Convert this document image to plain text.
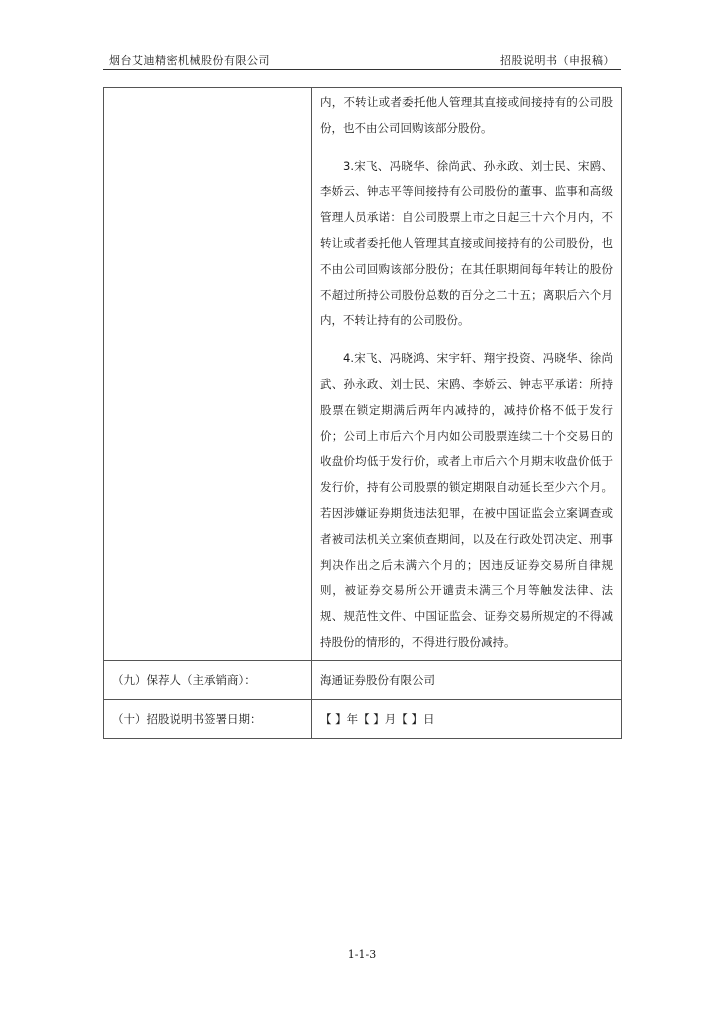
烟台艾迪精密机械股份有限公司	招股说明书（申报稿）

	内，不转让或者委托他人管理其直接或间接持有的公司股份，也不由公司回购该部分股份。

3.宋飞、冯晓华、徐尚武、孙永政、刘士民、宋鸥、李娇云、钟志平等间接持有公司股份的董事、监事和高级管理人员承诺：自公司股票上市之日起三十六个月内，不转让或者委托他人管理其直接或间接持有的公司股份，也不由公司回购该部分股份；在其任职期间每年转让的股份不超过所持公司股份总数的百分之二十五；离职后六个月内，不转让持有的公司股份。

4.宋飞、冯晓鸿、宋宇轩、翔宇投资、冯晓华、徐尚武、孙永政、刘士民、宋鸥、李娇云、钟志平承诺：所持股票在锁定期满后两年内减持的，减持价格不低于发行价；公司上市后六个月内如公司股票连续二十个交易日的收盘价均低于发行价，或者上市后六个月期末收盘价低于发行价，持有公司股票的锁定期限自动延长至少六个月。若因涉嫌证券期货违法犯罪，在被中国证监会立案调查或者被司法机关立案侦查期间，以及在行政处罚决定、刑事判决作出之后未满六个月的；因违反证券交易所自律规则，被证券交易所公开谴责未满三个月等触发法律、法规、规范性文件、中国证监会、证券交易所规定的不得减持股份的情形的，不得进行股份减持。

（九）保荐人（主承销商）：	海通证券股份有限公司
（十）招股说明书签署日期：	【 】年【 】月【 】日
1-1-3
